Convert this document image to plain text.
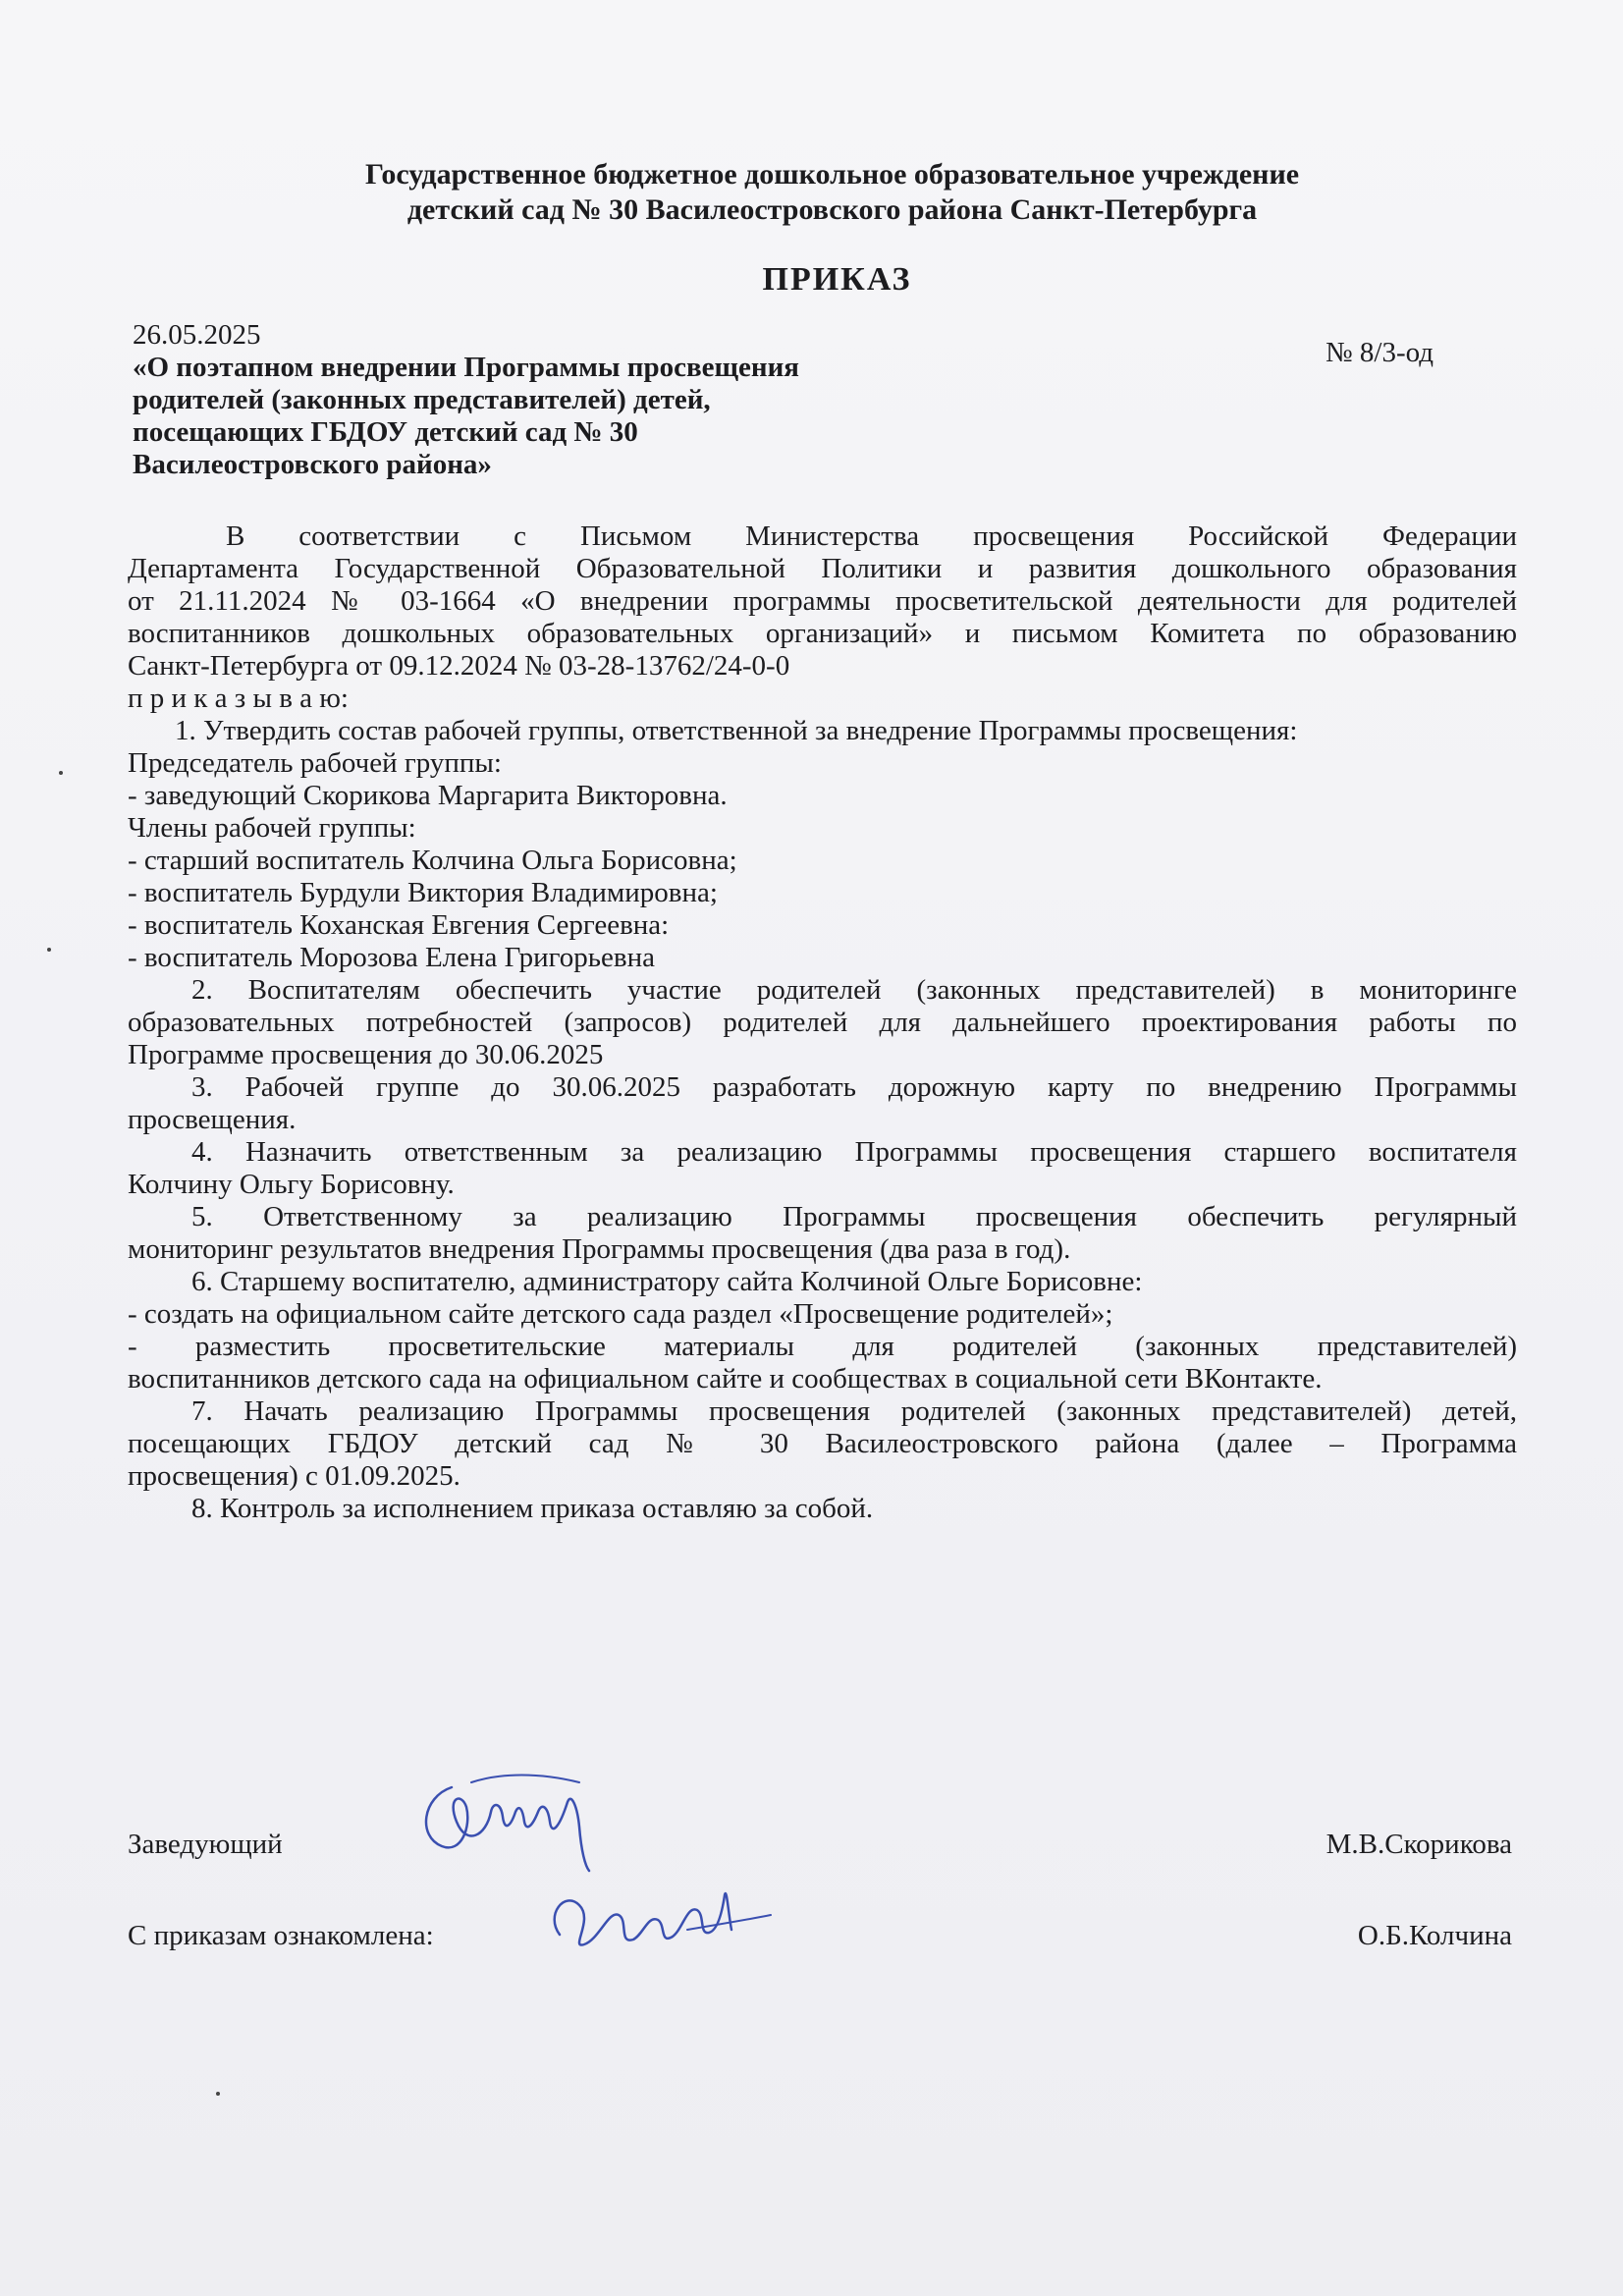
Государственное бюджетное дошкольное образовательное учреждение
детский сад № 30 Василеостровского района Санкт-Петербурга
ПРИКАЗ
26.05.2025
№ 8/3-од
«О поэтапном внедрении Программы просвещения
родителей (законных представителей) детей,
посещающих ГБДОУ детский сад № 30
Василеостровского района»
В соответствии с Письмом Министерства просвещения Российской Федерации
Департамента Государственной Образовательной Политики и развития дошкольного образования
от 21.11.2024 № 03-1664 «О внедрении программы просветительской деятельности для родителей
воспитанников дошкольных образовательных организаций» и письмом Комитета по образованию
Санкт-Петербурга от 09.12.2024 № 03-28-13762/24-0-0
п р и к а з ы в а ю:
1. Утвердить состав рабочей группы, ответственной за внедрение Программы просвещения:
Председатель рабочей группы:
- заведующий Скорикова Маргарита Викторовна.
Члены рабочей группы:
- старший воспитатель Колчина Ольга Борисовна;
- воспитатель Бурдули Виктория Владимировна;
- воспитатель Коханская Евгения Сергеевна:
- воспитатель Морозова Елена Григорьевна
2. Воспитателям обеспечить участие родителей (законных представителей) в мониторинге
образовательных потребностей (запросов) родителей для дальнейшего проектирования работы по
Программе просвещения до 30.06.2025
3. Рабочей группе до 30.06.2025 разработать дорожную карту по внедрению Программы
просвещения.
4. Назначить ответственным за реализацию Программы просвещения старшего воспитателя
Колчину Ольгу Борисовну.
5. Ответственному за реализацию Программы просвещения обеспечить регулярный
мониторинг результатов внедрения Программы просвещения (два раза в год).
6. Старшему воспитателю, администратору сайта Колчиной Ольге Борисовне:
- создать на официальном сайте детского сада раздел «Просвещение родителей»;
- разместить просветительские материалы для родителей (законных представителей)
воспитанников детского сада на официальном сайте и сообществах в социальной сети ВКонтакте.
7. Начать реализацию Программы просвещения родителей (законных представителей) детей,
посещающих ГБДОУ детский сад № 30 Василеостровского района (далее – Программа
просвещения) с 01.09.2025.
8. Контроль за исполнением приказа оставляю за собой.
Заведующий	М.В.Скорикова
С приказам ознакомлена:	О.Б.Колчина
